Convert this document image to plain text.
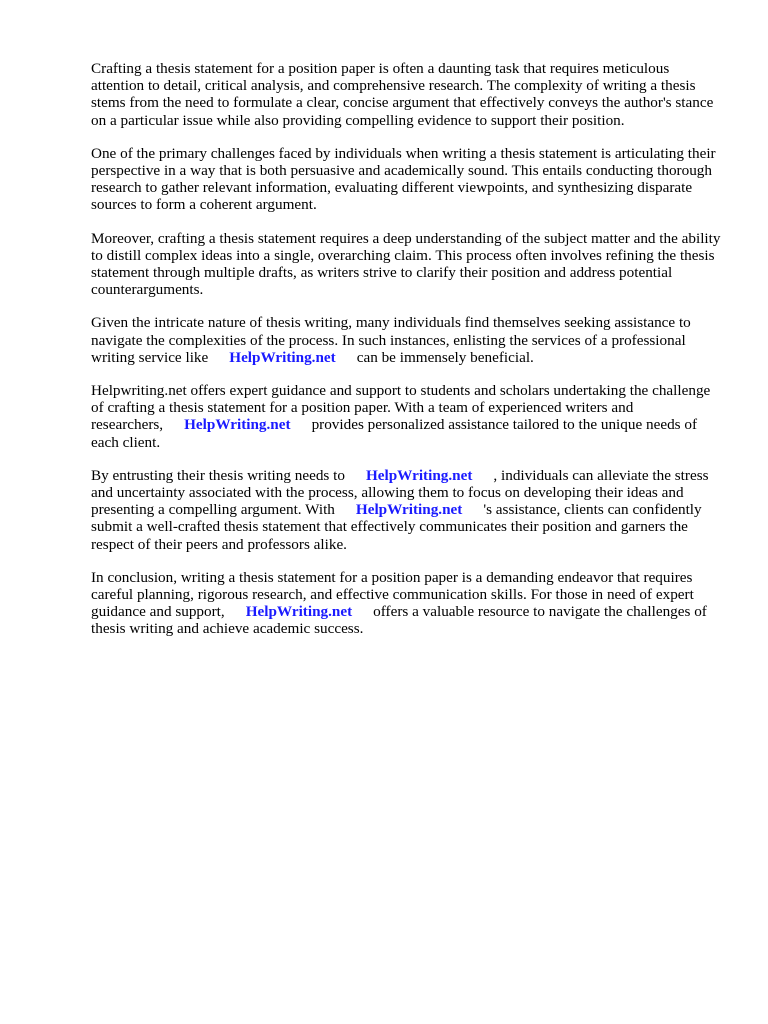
Crafting a thesis statement for a position paper is often a daunting task that requires meticulous attention to detail, critical analysis, and comprehensive research. The complexity of writing a thesis stems from the need to formulate a clear, concise argument that effectively conveys the author's stance on a particular issue while also providing compelling evidence to support their position.

One of the primary challenges faced by individuals when writing a thesis statement is articulating their perspective in a way that is both persuasive and academically sound. This entails conducting thorough research to gather relevant information, evaluating different viewpoints, and synthesizing disparate sources to form a coherent argument.

Moreover, crafting a thesis statement requires a deep understanding of the subject matter and the ability to distill complex ideas into a single, overarching claim. This process often involves refining the thesis statement through multiple drafts, as writers strive to clarify their position and address potential counterarguments.

Given the intricate nature of thesis writing, many individuals find themselves seeking assistance to navigate the complexities of the process. In such instances, enlisting the services of a professional writing service like HelpWriting.net can be immensely beneficial.

Helpwriting.net offers expert guidance and support to students and scholars undertaking the challenge of crafting a thesis statement for a position paper. With a team of experienced writers and researchers, HelpWriting.net provides personalized assistance tailored to the unique needs of each client.

By entrusting their thesis writing needs to HelpWriting.net , individuals can alleviate the stress and uncertainty associated with the process, allowing them to focus on developing their ideas and presenting a compelling argument. With HelpWriting.net 's assistance, clients can confidently submit a well-crafted thesis statement that effectively communicates their position and garners the respect of their peers and professors alike.

In conclusion, writing a thesis statement for a position paper is a demanding endeavor that requires careful planning, rigorous research, and effective communication skills. For those in need of expert guidance and support, HelpWriting.net offers a valuable resource to navigate the challenges of thesis writing and achieve academic success.
